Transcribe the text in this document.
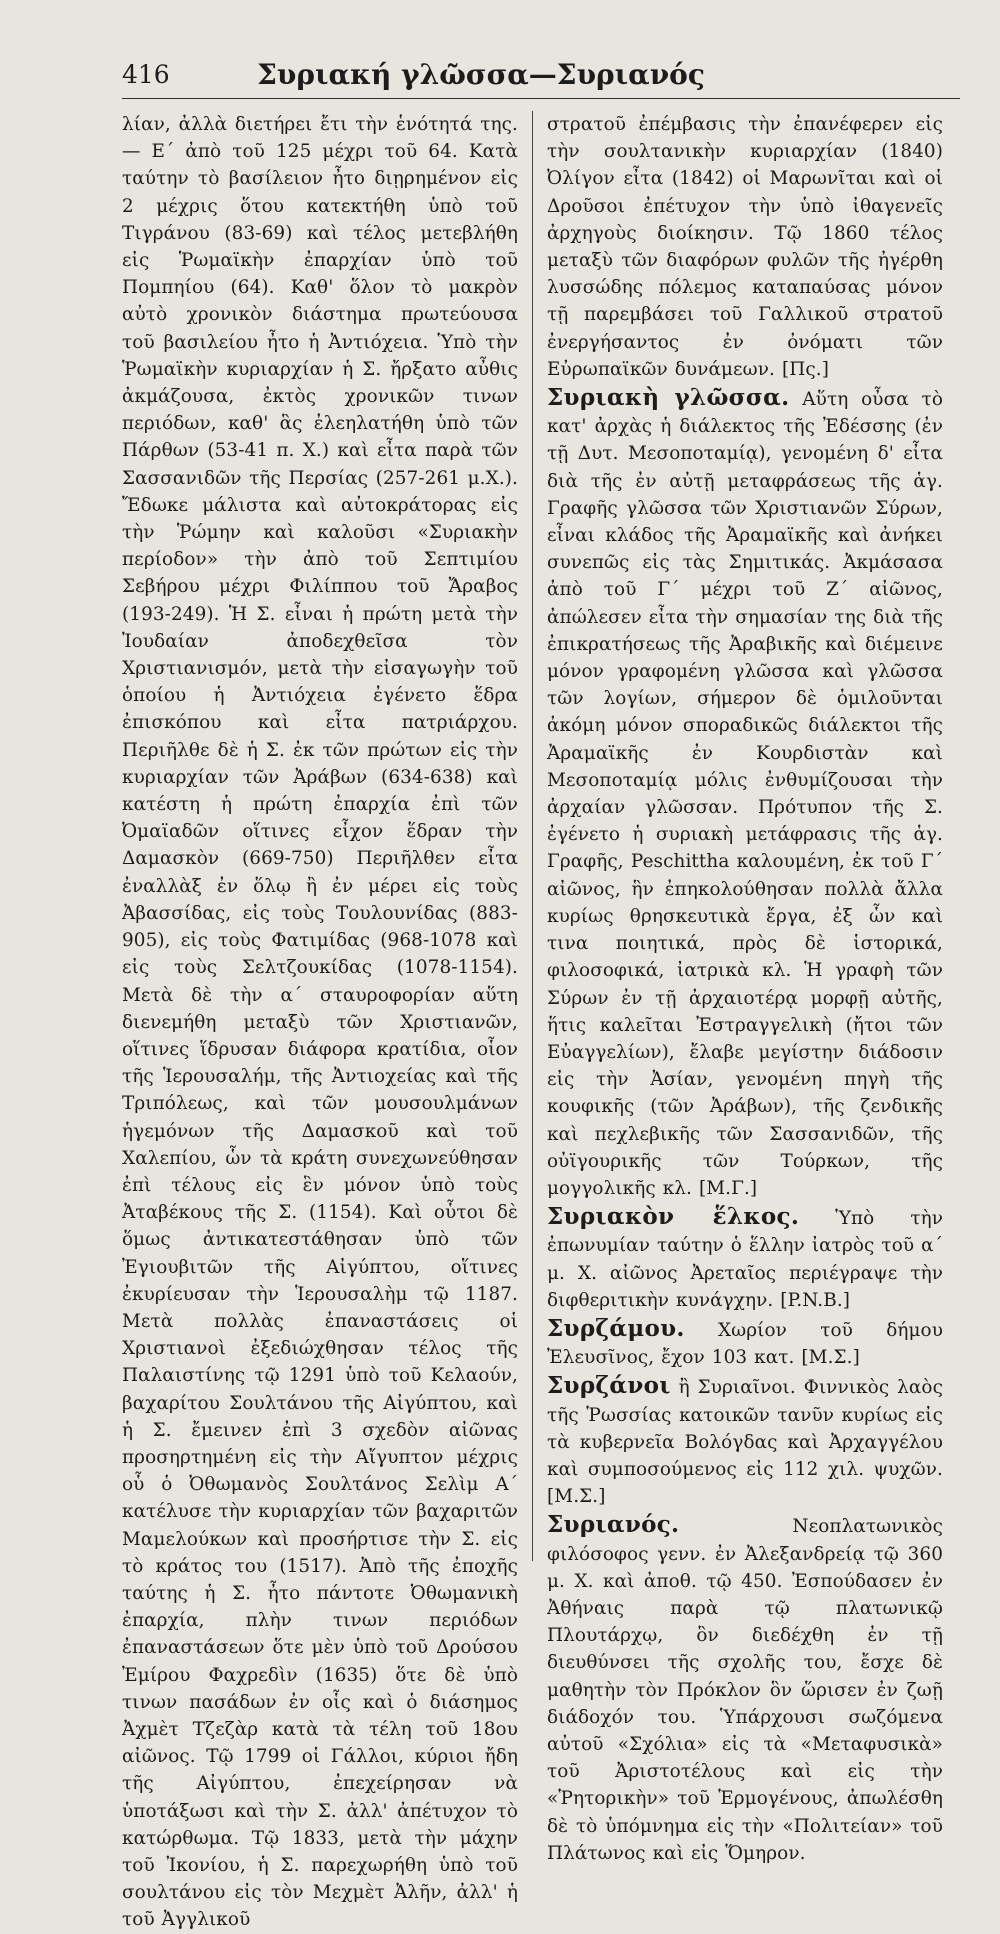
416	Συριακή γλῶσσα—Συριανός

λίαν, ἀλλὰ διετήρει ἔτι τὴν ἑνότητά της. — Ε΄ ἀπὸ τοῦ 125 μέχρι τοῦ 64. Κατὰ ταύτην τὸ βασίλειον ἦτο διῃρημένον εἰς 2 μέχρις ὅτου κατεκτήθη ὑπὸ τοῦ Τιγράνου (83-69) καὶ τέλος μετεβλήθη εἰς Ῥωμαϊκὴν ἐπαρχίαν ὑπὸ τοῦ Πομπηίου (64). Καθ' ὅλον τὸ μακρὸν αὐτὸ χρονικὸν διάστημα πρωτεύουσα τοῦ βασιλείου ἦτο ἡ Ἀντιόχεια. Ὑπὸ τὴν Ῥωμαϊκὴν κυριαρχίαν ἡ Σ. ἤρξατο αὖθις ἀκμάζουσα, ἐκτὸς χρονικῶν τινων περιόδων, καθ' ἃς ἐλεηλατήθη ὑπὸ τῶν Πάρθων (53-41 π. Χ.) καὶ εἶτα παρὰ τῶν Σασσανιδῶν τῆς Περσίας (257-261 μ.Χ.). Ἔδωκε μάλιστα καὶ αὐτοκράτορας εἰς τὴν Ῥώμην καὶ καλοῦσι «Συριακὴν περίοδον» τὴν ἀπὸ τοῦ Σεπτιμίου Σεβήρου μέχρι Φιλίππου τοῦ Ἄραβος (193-249). Ἡ Σ. εἶναι ἡ πρώτη μετὰ τὴν Ἰουδαίαν ἀποδεχθεῖσα τὸν Χριστιανισμόν, μετὰ τὴν εἰσαγωγὴν τοῦ ὁποίου ἡ Ἀντιόχεια ἐγένετο ἕδρα ἐπισκόπου καὶ εἶτα πατριάρχου. Περιῆλθε δὲ ἡ Σ. ἐκ τῶν πρώτων εἰς τὴν κυριαρχίαν τῶν Ἀράβων (634-638) καὶ κατέστη ἡ πρώτη ἐπαρχία ἐπὶ τῶν Ὀμαϊαδῶν οἵτινες εἶχον ἕδραν τὴν Δαμασκὸν (669-750) Περιῆλθεν εἶτα ἐναλλὰξ ἐν ὅλῳ ἢ ἐν μέρει εἰς τοὺς Ἀβασσίδας, εἰς τοὺς Τουλουνίδας (883-905), εἰς τοὺς Φατιμίδας (968-1078 καὶ εἰς τοὺς Σελτζουκίδας (1078-1154). Μετὰ δὲ τὴν α΄ σταυροφορίαν αὕτη διενεμήθη μεταξὺ τῶν Χριστιανῶν, οἵτινες ἵδρυσαν διάφορα κρατίδια, οἷον τῆς Ἱερουσαλήμ, τῆς Ἀντιοχείας καὶ τῆς Τριπόλεως, καὶ τῶν μουσουλμάνων ἡγεμόνων τῆς Δαμασκοῦ καὶ τοῦ Χαλεπίου, ὧν τὰ κράτη συνεχωνεύθησαν ἐπὶ τέλους εἰς ἓν μόνον ὑπὸ τοὺς Ἀταβέκους τῆς Σ. (1154). Καὶ οὗτοι δὲ ὅμως ἀντικατεστάθησαν ὑπὸ τῶν Ἐγιουβιτῶν τῆς Αἰγύπτου, οἵτινες ἐκυρίευσαν τὴν Ἱερουσαλὴμ τῷ 1187. Μετὰ πολλὰς ἐπαναστάσεις οἱ Χριστιανοὶ ἐξεδιώχθησαν τέλος τῆς Παλαιστίνης τῷ 1291 ὑπὸ τοῦ Κελαούν, βαχαρίτου Σουλτάνου τῆς Αἰγύπτου, καὶ ἡ Σ. ἔμεινεν ἐπὶ 3 σχεδὸν αἰῶνας προσηρτημένη εἰς τὴν Αἴγυπτον μέχρις οὗ ὁ Ὀθωμανὸς Σουλτάνος Σελὶμ Α΄ κατέλυσε τὴν κυριαρχίαν τῶν βαχαριτῶν Μαμελούκων καὶ προσήρτισε τὴν Σ. εἰς τὸ κράτος του (1517). Ἀπὸ τῆς ἐποχῆς ταύτης ἡ Σ. ἦτο πάντοτε Ὀθωμανικὴ ἐπαρχία, πλὴν τινων περιόδων ἐπαναστάσεων ὅτε μὲν ὑπὸ τοῦ Δρούσου Ἐμίρου Φαχρεδὶν (1635) ὅτε δὲ ὑπὸ τινων πασάδων ἐν οἷς καὶ ὁ διάσημος Ἀχμὲτ Τζεζὰρ κατὰ τὰ τέλη τοῦ 18ου αἰῶνος. Τῷ 1799 οἱ Γάλλοι, κύριοι ἤδη τῆς Αἰγύπτου, ἐπεχείρησαν νὰ ὑποτάξωσι καὶ τὴν Σ. ἀλλ' ἀπέτυχον τὸ κατώρθωμα. Τῷ 1833, μετὰ τὴν μάχην τοῦ Ἰκονίου, ἡ Σ. παρεχωρήθη ὑπὸ τοῦ σουλτάνου εἰς τὸν Μεχμὲτ Ἀλῆν, ἀλλ' ἡ τοῦ Ἀγγλικοῦ

στρατοῦ ἐπέμβασις τὴν ἐπανέφερεν εἰς τὴν σουλτανικὴν κυριαρχίαν (1840) Ὀλίγον εἶτα (1842) οἱ Μαρωνῖται καὶ οἱ Δροῦσοι ἐπέτυχον τὴν ὑπὸ ἰθαγενεῖς ἀρχηγοὺς διοίκησιν. Τῷ 1860 τέλος μεταξὺ τῶν διαφόρων φυλῶν τῆς ἠγέρθη λυσσώδης πόλεμος καταπαύσας μόνον τῇ παρεμβάσει τοῦ Γαλλικοῦ στρατοῦ ἐνεργήσαντος ἐν ὀνόματι τῶν Εὐρωπαϊκῶν δυνάμεων. [Πς.]

Συριακὴ γλῶσσα. Αὕτη οὖσα τὸ κατ' ἀρχὰς ἡ διάλεκτος τῆς Ἐδέσσης (ἐν τῇ Δυτ. Μεσοποταμίᾳ), γενομένη δ' εἶτα διὰ τῆς ἐν αὐτῇ μεταφράσεως τῆς ἁγ. Γραφῆς γλῶσσα τῶν Χριστιανῶν Σύρων, εἶναι κλάδος τῆς Ἀραμαϊκῆς καὶ ἀνήκει συνεπῶς εἰς τὰς Σημιτικάς. Ἀκμάσασα ἀπὸ τοῦ Γ΄ μέχρι τοῦ Ζ΄ αἰῶνος, ἀπώλεσεν εἶτα τὴν σημασίαν της διὰ τῆς ἐπικρατήσεως τῆς Ἀραβικῆς καὶ διέμεινε μόνον γραφομένη γλῶσσα καὶ γλῶσσα τῶν λογίων, σήμερον δὲ ὁμιλοῦνται ἀκόμη μόνον σποραδικῶς διάλεκτοι τῆς Ἀραμαϊκῆς ἐν Κουρδιστὰν καὶ Μεσοποταμίᾳ μόλις ἐνθυμίζουσαι τὴν ἀρχαίαν γλῶσσαν. Πρότυπον τῆς Σ. ἐγένετο ἡ συριακὴ μετάφρασις τῆς ἁγ. Γραφῆς, Peschittha καλουμένη, ἐκ τοῦ Γ΄ αἰῶνος, ἣν ἐπηκολούθησαν πολλὰ ἄλλα κυρίως θρησκευτικὰ ἔργα, ἐξ ὧν καὶ τινα ποιητικά, πρὸς δὲ ἱστορικά, φιλοσοφικά, ἰατρικὰ κλ. Ἡ γραφὴ τῶν Σύρων ἐν τῇ ἀρχαιοτέρᾳ μορφῇ αὐτῆς, ἥτις καλεῖται Ἐστραγγελικὴ (ἤτοι τῶν Εὐαγγελίων), ἔλαβε μεγίστην διάδοσιν εἰς τὴν Ἀσίαν, γενομένη πηγὴ τῆς κουφικῆς (τῶν Ἀράβων), τῆς ζενδικῆς καὶ πεχλεβικῆς τῶν Σασσανιδῶν, τῆς οὐϊγουρικῆς τῶν Τούρκων, τῆς μογγολικῆς κλ. [Μ.Γ.]

Συριακὸν ἕλκος. Ὑπὸ τὴν ἐπωνυμίαν ταύτην ὁ ἕλλην ἰατρὸς τοῦ α΄ μ. Χ. αἰῶνος Ἀρεταῖος περιέγραψε τὴν διφθεριτικὴν κυνάγχην. [P.N.B.]

Συρζάμου. Χωρίον τοῦ δήμου Ἐλευσῖνος, ἔχον 103 κατ. [Μ.Σ.]

Συρζάνοι ἢ Συριαῖνοι. Φιννικὸς λαὸς τῆς Ῥωσσίας κατοικῶν τανῦν κυρίως εἰς τὰ κυβερνεῖα Βολόγδας καὶ Ἀρχαγγέλου καὶ συμποσούμενος εἰς 112 χιλ. ψυχῶν. [Μ.Σ.]

Συριανός.	Νεοπλατωνικὸς φιλόσοφος γενν. ἐν Ἀλεξανδρείᾳ τῷ 360 μ. Χ. καὶ ἀποθ. τῷ 450. Ἐσπούδασεν ἐν Ἀθήναις παρὰ τῷ πλατωνικῷ Πλουτάρχῳ, ὃν διεδέχθη ἐν τῇ διευθύνσει τῆς σχολῆς του, ἔσχε δὲ μαθητὴν τὸν Πρόκλον ὃν ὥρισεν ἐν ζωῇ διάδοχόν του. Ὑπάρχουσι σωζόμενα αὐτοῦ «Σχόλια» εἰς τὰ «Μεταφυσικὰ» τοῦ Ἀριστοτέλους καὶ εἰς τὴν «Ῥητορικὴν» τοῦ Ἑρμογένους, ἀπωλέσθη δὲ τὸ ὑπόμνημα εἰς τὴν «Πολιτείαν» τοῦ Πλάτωνος καὶ εἰς Ὅμηρον.
